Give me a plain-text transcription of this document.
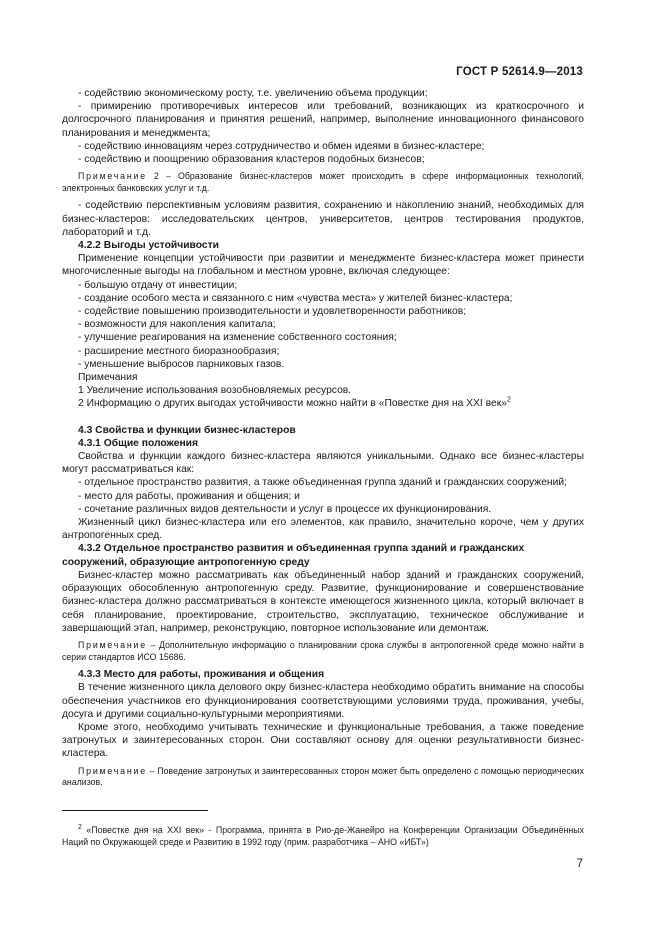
ГОСТ Р 52614.9—2013

- содействию экономическому росту, т.е. увеличению объема продукции;

- примирению противоречивых интересов или требований, возникающих из краткосрочного и долгосрочного планирования и принятия решений, например, выполнение инновационного финансового планирования и менеджмента;

- содействию инновациям через сотрудничество и обмен идеями в бизнес-кластере;

- содействию и поощрению образования кластеров подобных бизнесов;

Примечание 2 – Образование бизнес-кластеров может происходить в сфере информационных технологий, электронных банковских услуг и т.д.

- содействию перспективным условиям развития, сохранению и накоплению знаний, необходимых для бизнес-кластеров: исследовательских центров, университетов, центров тестирования продуктов, лабораторий и т.д.

4.2.2 Выгоды устойчивости

Применение концепции устойчивости при развитии и менеджменте бизнес-кластера может принести многочисленные выгоды на глобальном и местном уровне, включая следующее:

- большую отдачу от инвестиции;

- создание особого места и связанного с ним «чувства места» у жителей бизнес-кластера;

- содействие повышению производительности и удовлетворенности работников;

- возможности для накопления капитала;

- улучшение реагирования на изменение собственного состояния;

- расширение местного биоразнообразия;

- уменьшение выбросов парниковых газов.

Примечания

1 Увеличение использования возобновляемых ресурсов.

2 Информацию о других выгодах устойчивости можно найти в «Повестке дня на XXI век»$^2$

4.3 Свойства и функции бизнес-кластеров

4.3.1 Общие положения

Свойства и функции каждого бизнес-кластера являются уникальными. Однако все бизнес-кластеры могут рассматриваться как:

- отдельное пространство развития, а также объединенная группа зданий и гражданских сооружений;

- место для работы, проживания и общения; и

- сочетание различных видов деятельности и услуг в процессе их функционирования.

Жизненный цикл бизнес-кластера или его элементов, как правило, значительно короче, чем у других антропогенных сред.

4.3.2 Отдельное пространство развития и объединенная группа зданий и гражданских сооружений, образующие антропогенную среду

Бизнес-кластер можно рассматривать как объединенный набор зданий и гражданских сооружений, образующих обособленную антропогенную среду. Развитие, функционирование и совершенствование бизнес-кластера должно рассматриваться в контексте имеющегося жизненного цикла, который включает в себя планирование, проектирование, строительство, эксплуатацию, техническое обслуживание и завершающий этап, например, реконструкцию, повторное использование или демонтаж.

Примечание – Дополнительную информацию о планировании срока службы в антропогенной среде можно найти в серии стандартов ИСО 15686.

4.3.3 Место для работы, проживания и общения

В течение жизненного цикла делового окру бизнес-кластера необходимо обратить внимание на способы обеспечения участников его функционирования соответствующими условиями труда, проживания, учебы, досуга и другими социально-культурными мероприятиями.

Кроме этого, необходимо учитывать технические и функциональные требования, а также поведение затронутых и заинтересованных сторон. Они составляют основу для оценки результативности бизнес-кластера.

Примечание – Поведение затронутых и заинтересованных сторон может быть определено с помощью периодических анализов.

$^2$ «Повестке дня на XXI век» - Программа, принята в Рио-де-Жанейро на Конференции Организации Объединённых Наций по Окружающей среде и Развитию в 1992 году (прим. разработчика – АНО «ИБТ»)
7
